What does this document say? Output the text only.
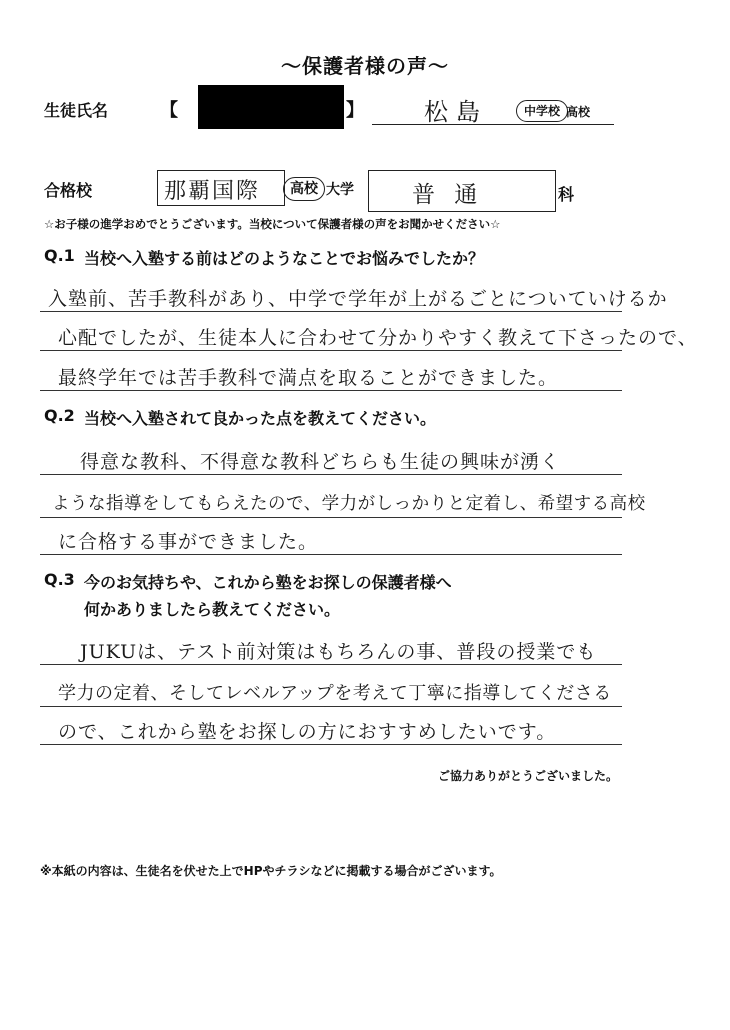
〜保護者様の声〜
生徒氏名	【	】	松島	中学校 高校
合格校	那覇国際	高校 大学	普 通	科
☆お子様の進学おめでとうございます。当校について保護者様の声をお聞かせください☆
Q.1 当校へ入塾する前はどのようなことでお悩みでしたか？
入塾前、苦手教科があり、中学で学年が上がるごとについていけるか
心配でしたが、生徒本人に合わせて分かりやすく教えて下さったので、
最終学年では苦手教科で満点を取ることができました。
Q.2 当校へ入塾されて良かった点を教えてください。
得意な教科、不得意な教科どちらも生徒の興味が湧く
ような指導をしてもらえたので、学力がしっかりと定着し、希望する高校
に合格する事ができました。
Q.3 今のお気持ちや、これから塾をお探しの保護者様へ
何かありましたら教えてください。
JUKUは、テスト前対策はもちろんの事、普段の授業でも
学力の定着、そしてレベルアップを考えて丁寧に指導してくださる
ので、これから塾をお探しの方におすすめしたいです。
ご協力ありがとうございました。
※本紙の内容は、生徒名を伏せた上でHPやチラシなどに掲載する場合がございます。
